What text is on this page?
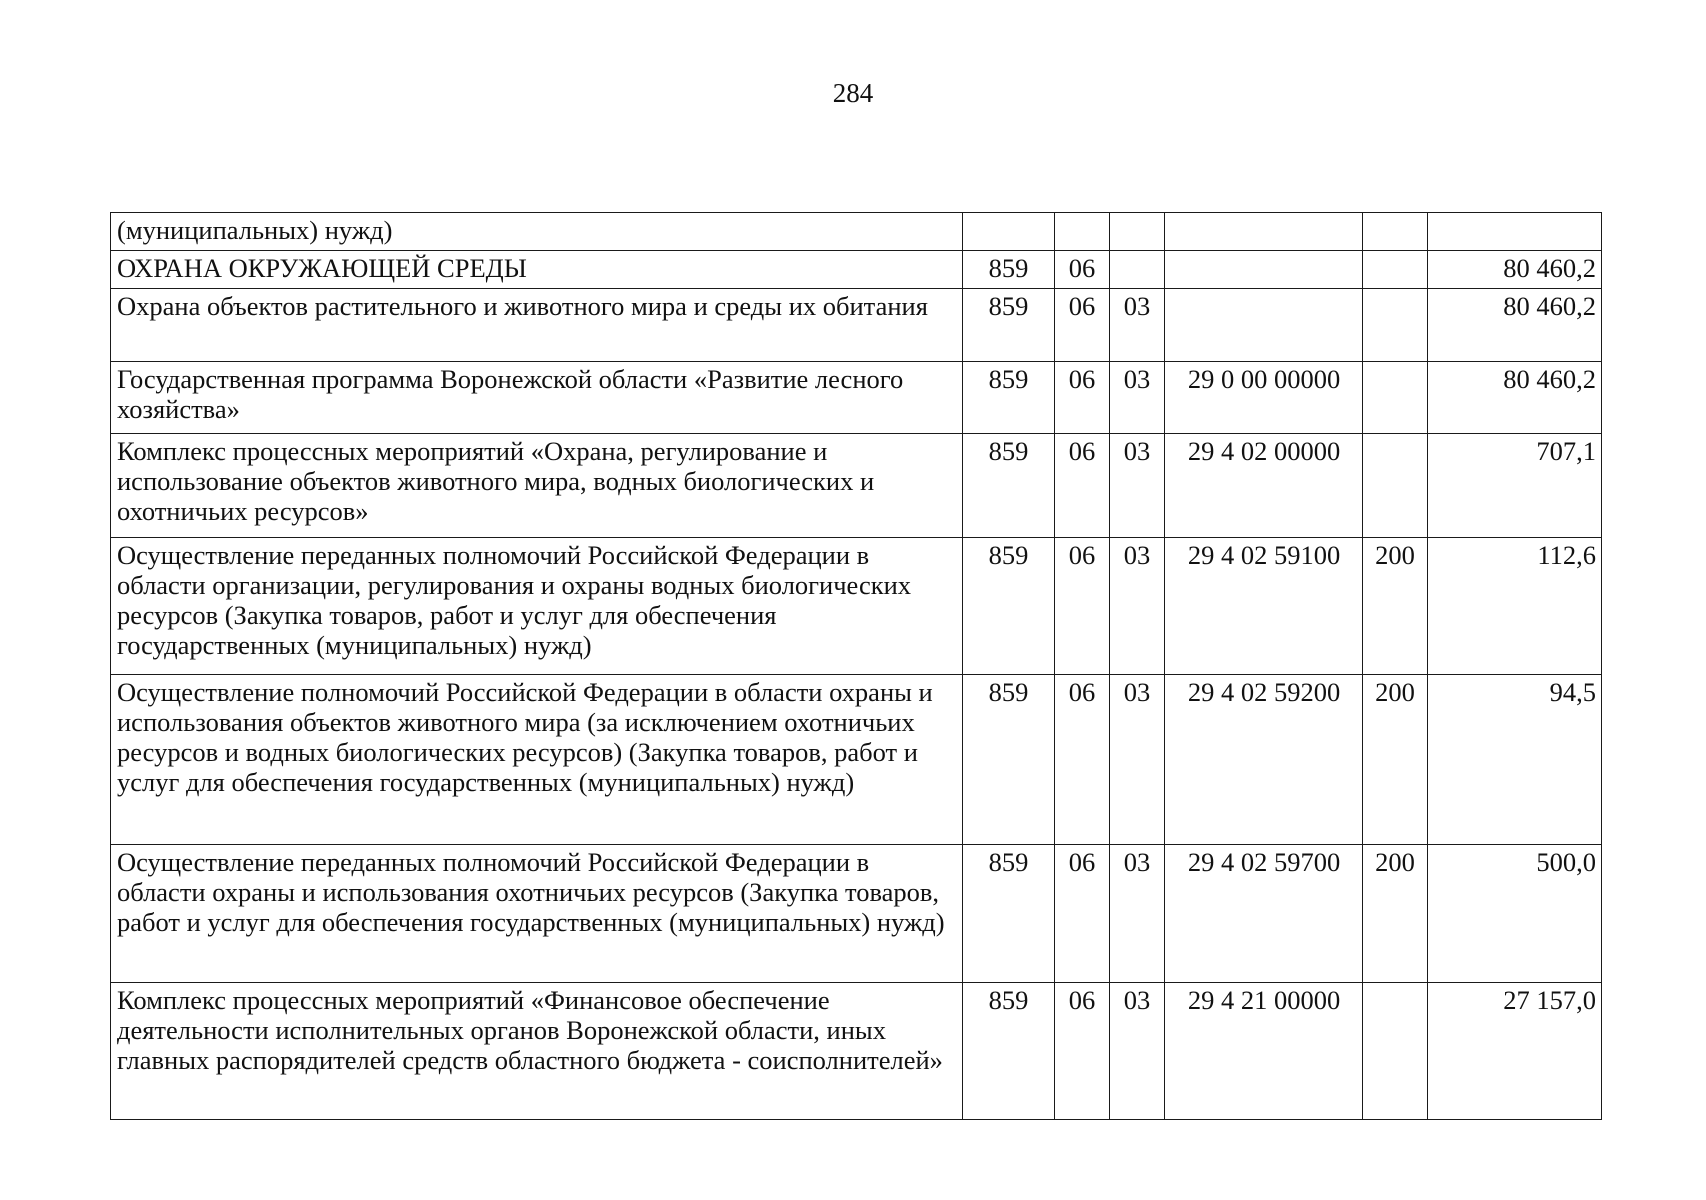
284
(муниципальных) нужд)						
ОХРАНА ОКРУЖАЮЩЕЙ СРЕДЫ	859	06				80 460,2
Охрана объектов растительного и животного мира и среды их обитания	859	06	03			80 460,2
Государственная программа Воронежской области «Развитие лесного хозяйства»	859	06	03	29 0 00 00000		80 460,2
Комплекс процессных мероприятий «Охрана, регулирование и использование объектов животного мира, водных биологических и охотничьих ресурсов»	859	06	03	29 4 02 00000		707,1
Осуществление переданных полномочий Российской Федерации в области организации, регулирования и охраны водных биологических ресурсов (Закупка товаров, работ и услуг для обеспечения государственных (муниципальных) нужд)	859	06	03	29 4 02 59100	200	112,6
Осуществление полномочий Российской Федерации в области охраны и использования объектов животного мира (за исключением охотничьих ресурсов и водных биологических ресурсов) (Закупка товаров, работ и услуг для обеспечения государственных (муниципальных) нужд)	859	06	03	29 4 02 59200	200	94,5
Осуществление переданных полномочий Российской Федерации в области охраны и использования охотничьих ресурсов (Закупка товаров, работ и услуг для обеспечения государственных (муниципальных) нужд)	859	06	03	29 4 02 59700	200	500,0
Комплекс процессных мероприятий «Финансовое обеспечение деятельности исполнительных органов Воронежской области, иных главных распорядителей средств областного бюджета - соисполнителей»	859	06	03	29 4 21 00000		27 157,0
